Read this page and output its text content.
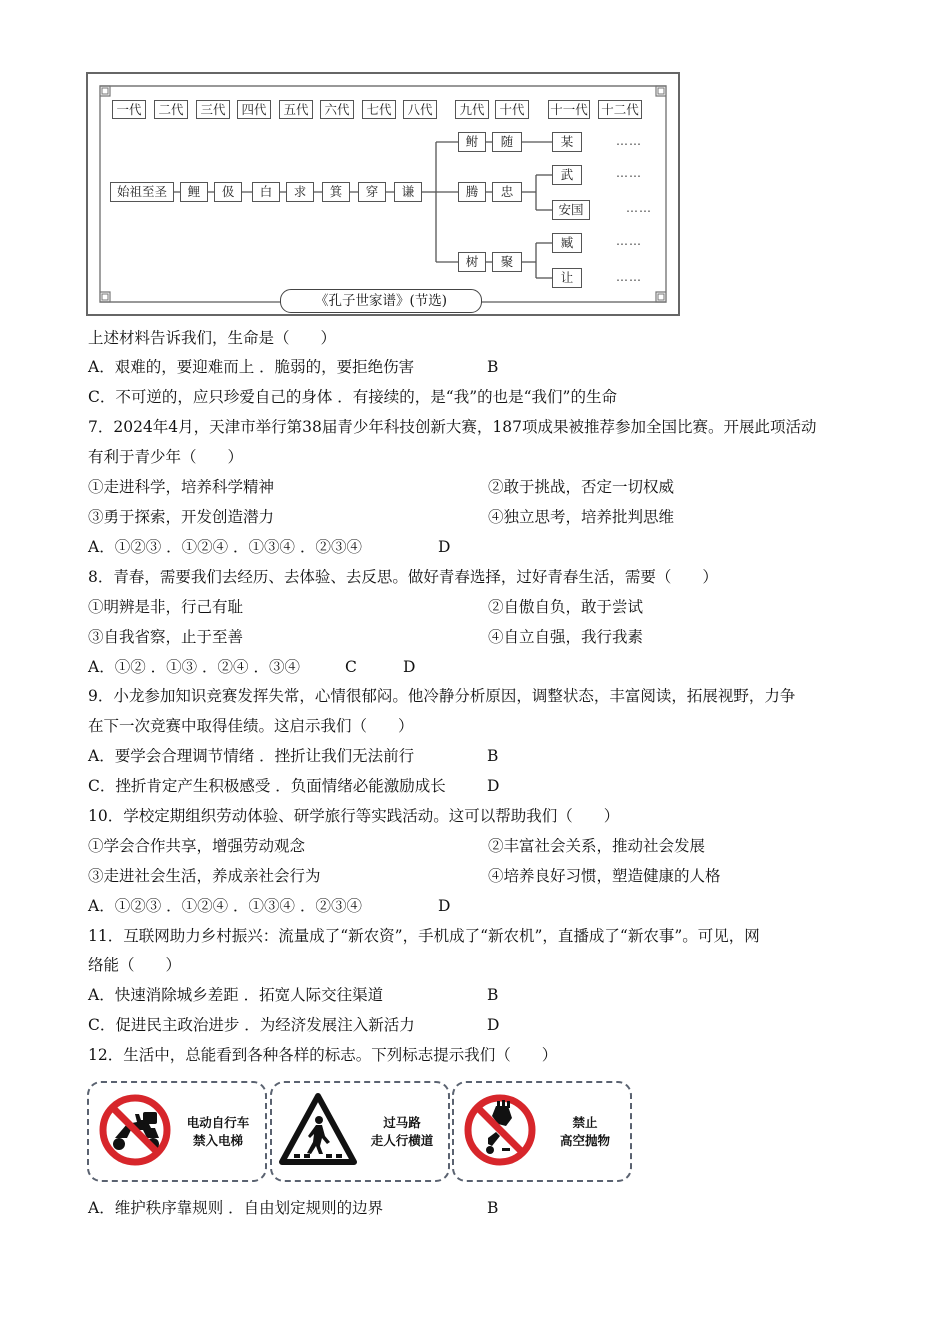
一代	二代	三代	四代	五代	六代	七代	八代	九代	十代	十一代 十二代
始祖至圣	鲤	伋	白	求	箕	穿	谦
鲋	随	某	……
腾	忠
武	……
安国	……
树	聚
臧	……
让	……
《孔子世家谱》(节选)
上述材料告诉我们，生命是（　　）
A．艰难的，要迎难而上 ．脆弱的，要拒绝伤害	B
C．不可逆的，应只珍爱自己的身体 ．有接续的，是“我”的也是“我们”的生命
7．2024年4月，天津市举行第38届青少年科技创新大赛，187项成果被推荐参加全国比赛。开展此项活动
有利于青少年（　　）
①走进科学，培养科学精神	②敢于挑战，否定一切权威
③勇于探索，开发创造潜力	④独立思考，培养批判思维
A．①②③ ．①②④ ．①③④ ．②③④	D
8．青春，需要我们去经历、去体验、去反思。做好青春选择，过好青春生活，需要（　　）
①明辨是非，行己有耻	②自傲自负，敢于尝试
③自我省察，止于至善	④自立自强，我行我素
A．①② ．①③ ．②④ ．③④	C	D
9．小龙参加知识竞赛发挥失常，心情很郁闷。他冷静分析原因，调整状态，丰富阅读，拓展视野，力争
在下一次竞赛中取得佳绩。这启示我们（　　）
A．要学会合理调节情绪 ．挫折让我们无法前行	B
C．挫折肯定产生积极感受 ．负面情绪必能激励成长	D
10．学校定期组织劳动体验、研学旅行等实践活动。这可以帮助我们（　　）
①学会合作共享，增强劳动观念	②丰富社会关系，推动社会发展
③走进社会生活，养成亲社会行为	④培养良好习惯，塑造健康的人格
A．①②③ ．①②④ ．①③④ ．②③④	D
11．互联网助力乡村振兴：流量成了“新农资”，手机成了“新农机”，直播成了“新农事”。可见，网
络能（　　）
A．快速消除城乡差距 ．拓宽人际交往渠道	B
C．促进民主政治进步 ．为经济发展注入新活力	D
12．生活中，总能看到各种各样的标志。下列标志提示我们（　　）
电动自行车
禁入电梯
过马路
走人行横道
禁止
高空抛物
A．维护秩序靠规则 ．自由划定规则的边界	B
